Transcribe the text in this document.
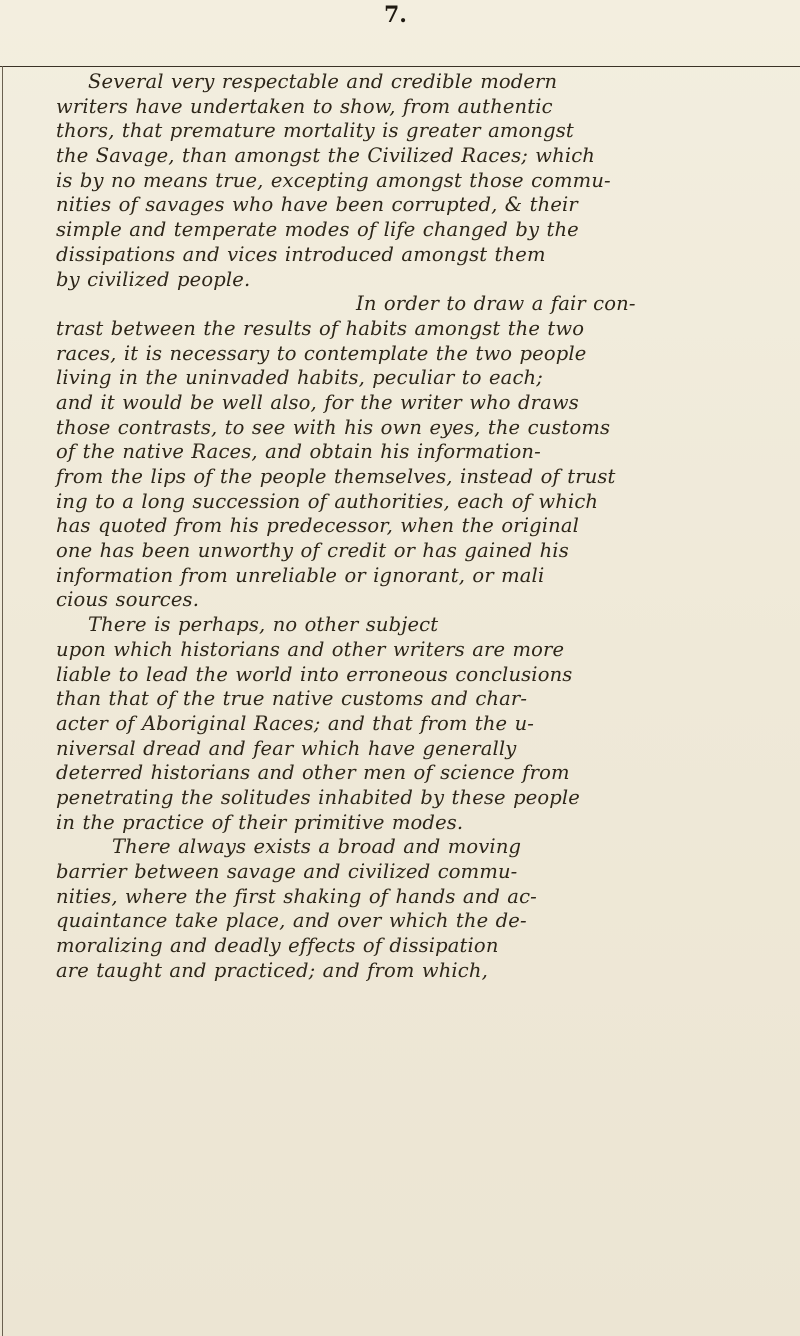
7.
Several very respectable and credible modern
writers have undertaken to show, from authentic
thors, that premature mortality is greater amongst
the Savage, than amongst the Civilized Races; which
is by no means true, excepting amongst those commu-
nities of savages who have been corrupted, & their
simple and temperate modes of life changed by the
dissipations and vices introduced amongst them
by civilized people.
In order to draw a fair con-
trast between the results of habits amongst the two
races, it is necessary to contemplate the two people
living in the uninvaded habits, peculiar to each;
and it would be well also, for the writer who draws
those contrasts, to see with his own eyes, the customs
of the native Races, and obtain his information-
from the lips of the people themselves, instead of trust
ing to a long succession of authorities, each of which
has quoted from his predecessor, when the original
one has been unworthy of credit or has gained his
information from unreliable or ignorant, or mali
cious sources.
There is perhaps, no other subject
upon which historians and other writers are more
liable to lead the world into erroneous conclusions
than that of the true native customs and char-
acter of Aboriginal Races; and that from the u-
niversal dread and fear which have generally
deterred historians and other men of science from
penetrating the solitudes inhabited by these people
in the practice of their primitive modes.
There always exists a broad and moving
barrier between savage and civilized commu-
nities, where the first shaking of hands and ac-
quaintance take place, and over which the de-
moralizing and deadly effects of dissipation
are taught and practiced; and from which,
